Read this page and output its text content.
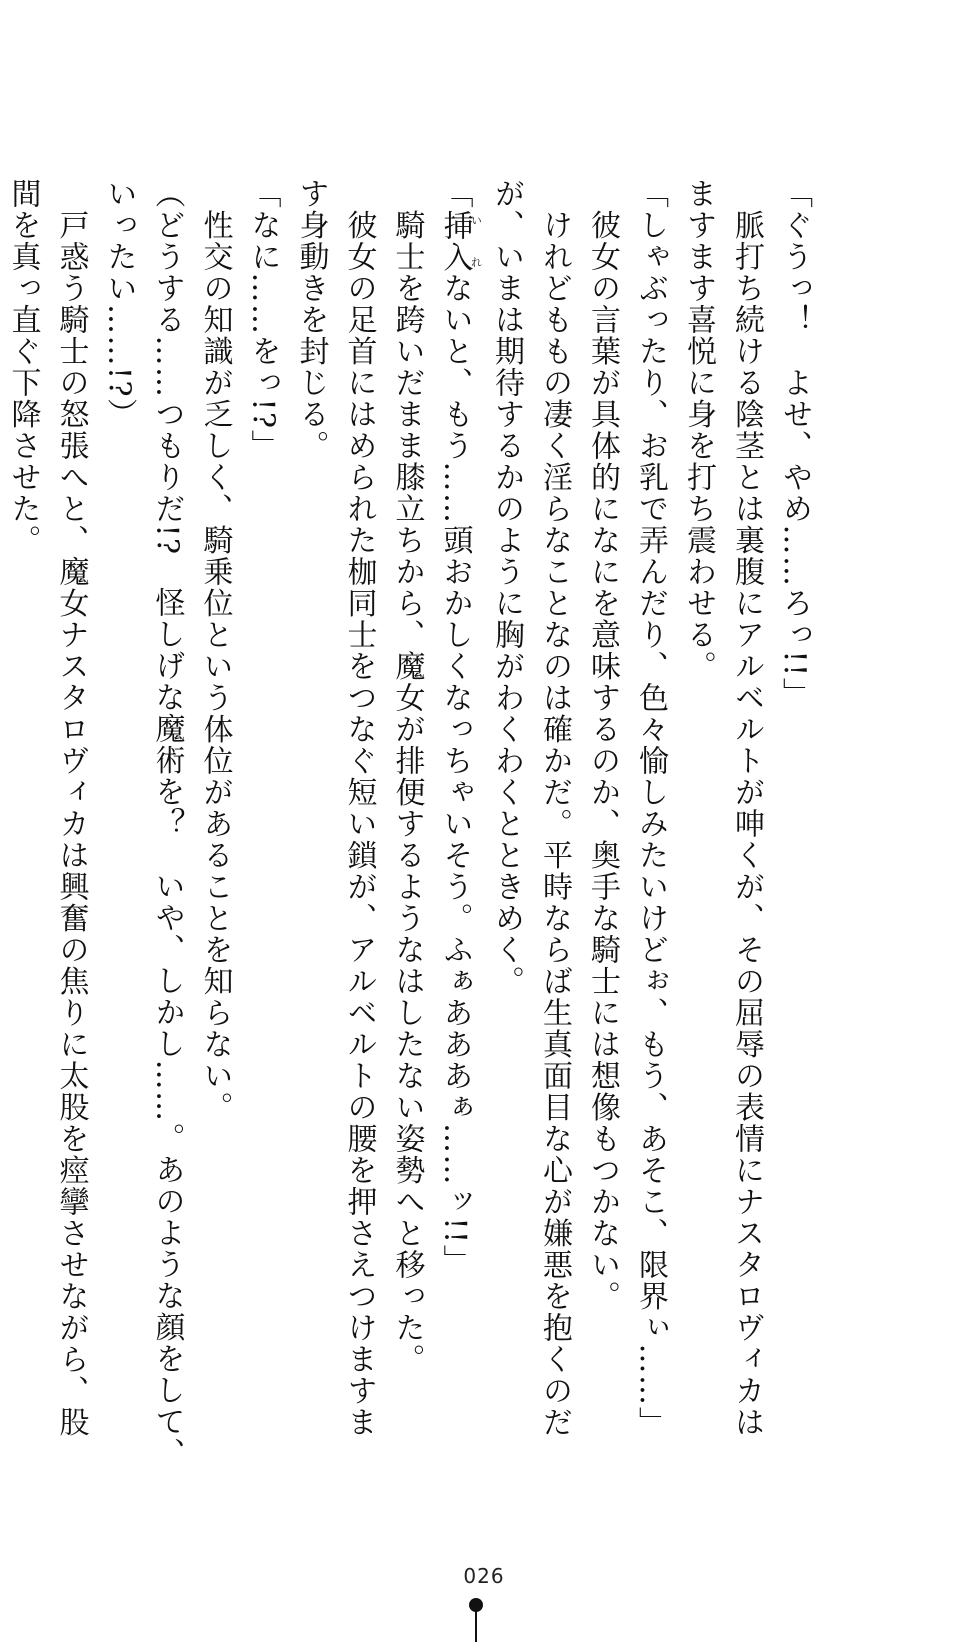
「ぐうっ！　よせ、やめ……ろっ!!」
　脈打ち続ける陰茎とは裏腹にアルベルトが呻くが、その屈辱の表情にナスタロヴィカは
ますます喜悦に身を打ち震わせる。
「しゃぶったり、お乳で弄んだり、色々愉しみたいけどぉ、もう、あそこ、限界ぃ……」
　彼女の言葉が具体的になにを意味するのか、奥手な騎士には想像もつかない。
　けれどももの凄く淫らなことなのは確かだ。平時ならば生真面目な心が嫌悪を抱くのだ
が、いまは期待するかのように胸がわくわくとときめく。
「挿入い　れないと、もう……頭おかしくなっちゃいそう。ふぁあああぁ……ッ!!」
　騎士を跨いだまま膝立ちから、魔女が排便するようなはしたない姿勢へと移った。
　彼女の足首にはめられた枷同士をつなぐ短い鎖が、アルベルトの腰を押さえつけますま
す身動きを封じる。
「なに……をっ!?」
　性交の知識が乏しく、騎乗位という体位があることを知らない。
（どうする……つもりだ!?　怪しげな魔術を？　いや、しかし……。あのような顔をして、
いったい……!?）
　戸惑う騎士の怒張へと、魔女ナスタロヴィカは興奮の焦りに太股を痙攣させながら、股
間を真っ直ぐ下降させた。
026
